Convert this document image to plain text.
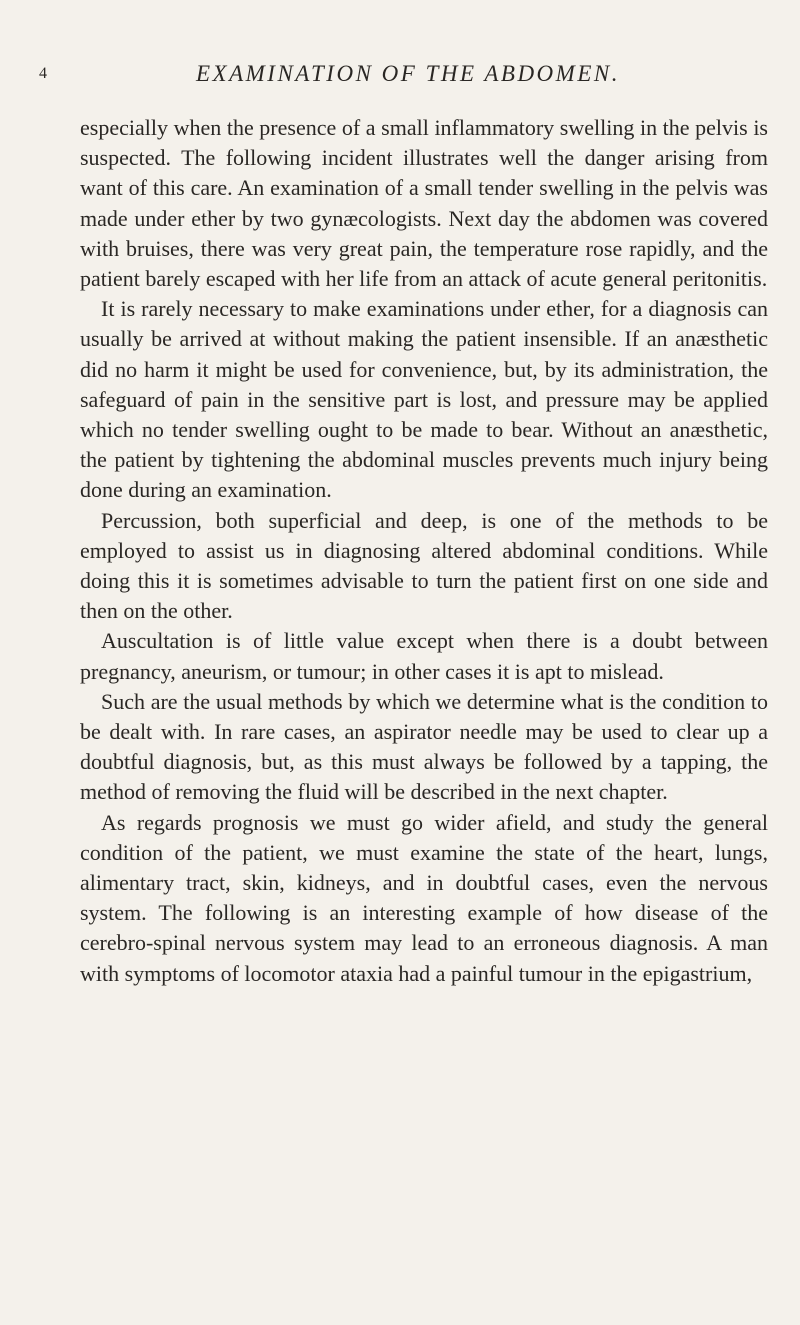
4	EXAMINATION OF THE ABDOMEN.

especially when the presence of a small inflammatory swelling in the pelvis is suspected. The following incident illustrates well the danger arising from want of this care. An examination of a small tender swelling in the pelvis was made under ether by two gynæcologists. Next day the abdomen was covered with bruises, there was very great pain, the temperature rose rapidly, and the patient barely escaped with her life from an attack of acute general peritonitis.

It is rarely necessary to make examinations under ether, for a diagnosis can usually be arrived at without making the patient insensible. If an anæsthetic did no harm it might be used for convenience, but, by its administration, the safeguard of pain in the sensitive part is lost, and pressure may be applied which no tender swelling ought to be made to bear. Without an anæsthetic, the patient by tightening the abdominal muscles prevents much injury being done during an examination.

Percussion, both superficial and deep, is one of the methods to be employed to assist us in diagnosing altered abdominal conditions. While doing this it is sometimes advisable to turn the patient first on one side and then on the other.

Auscultation is of little value except when there is a doubt between pregnancy, aneurism, or tumour; in other cases it is apt to mislead.

Such are the usual methods by which we determine what is the condition to be dealt with. In rare cases, an aspirator needle may be used to clear up a doubtful diagnosis, but, as this must always be followed by a tapping, the method of removing the fluid will be described in the next chapter.

As regards prognosis we must go wider afield, and study the general condition of the patient, we must examine the state of the heart, lungs, alimentary tract, skin, kidneys, and in doubtful cases, even the nervous system. The following is an interesting example of how disease of the cerebro-spinal nervous system may lead to an erroneous diagnosis. A man with symptoms of locomotor ataxia had a painful tumour in the epigastrium,
